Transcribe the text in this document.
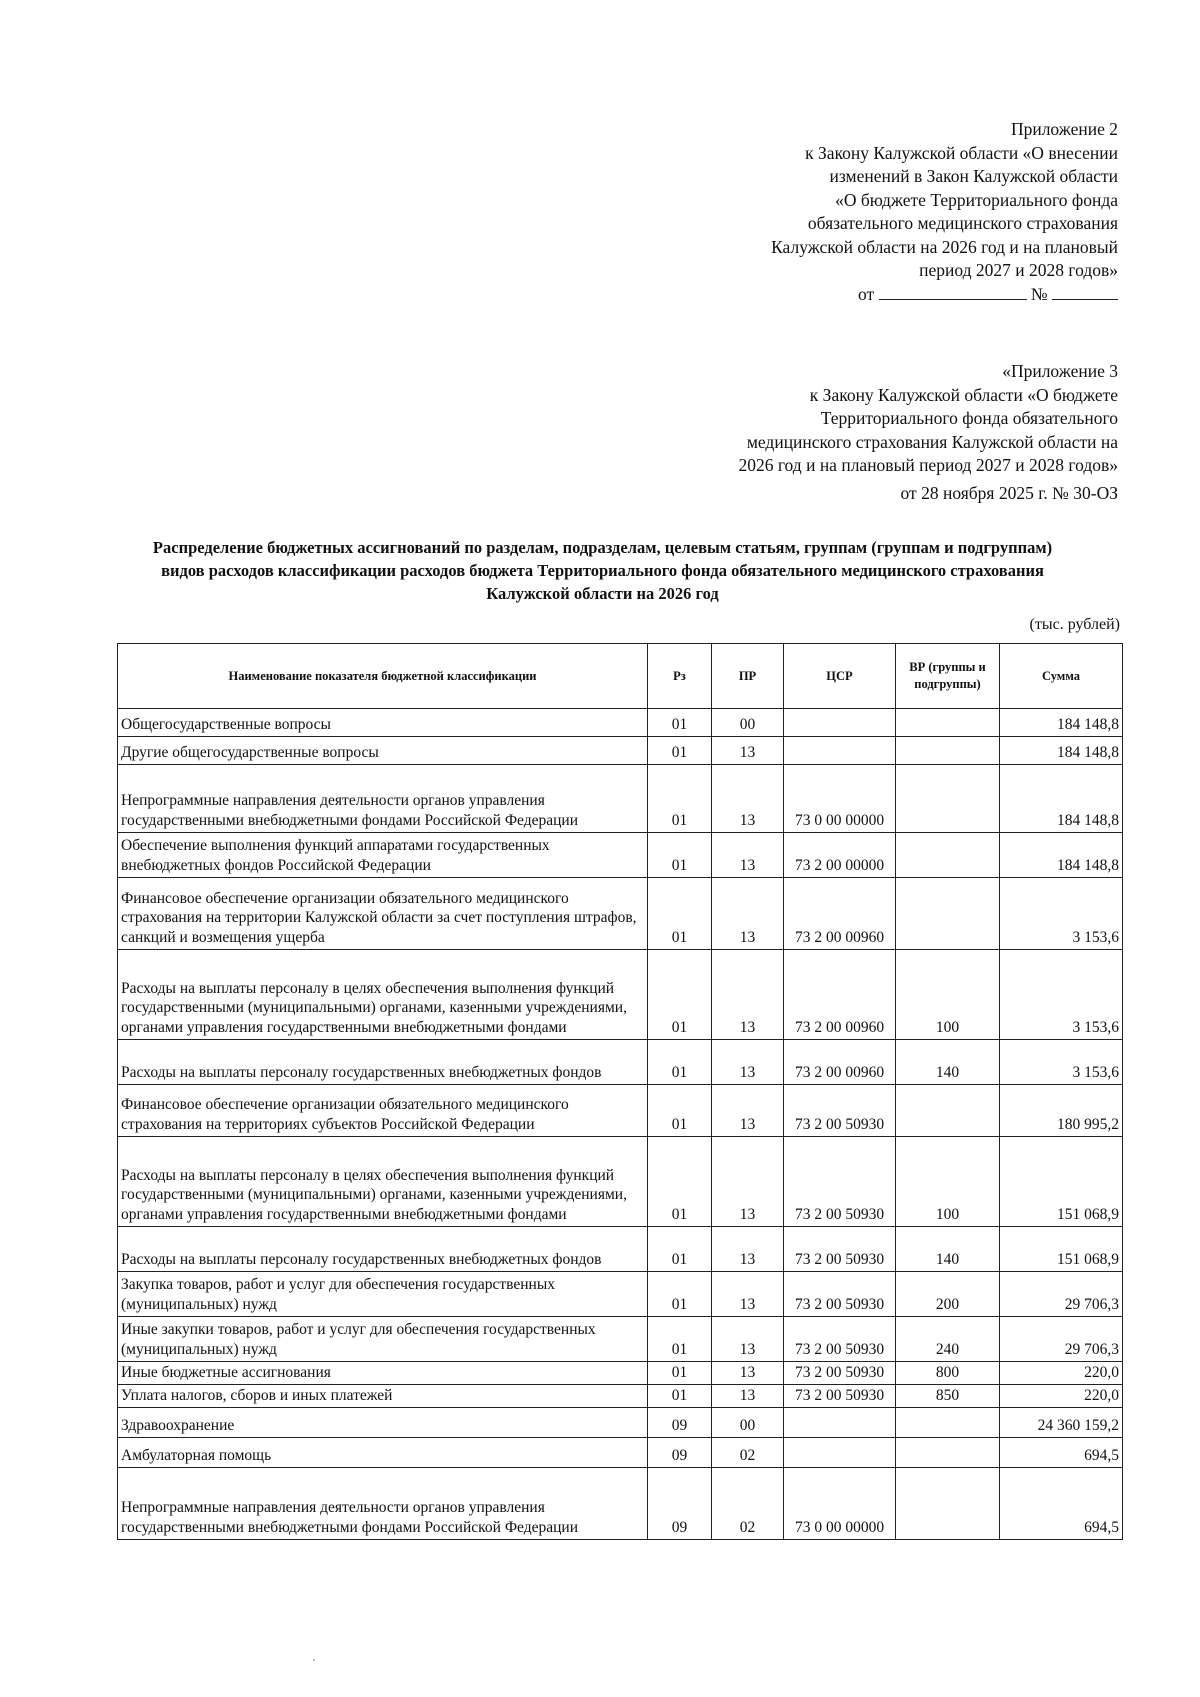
Приложение 2
к Закону Калужской области «О внесении
изменений в Закон Калужской области
«О бюджете Территориального фонда
обязательного медицинского страхования
Калужской области на 2026 год и на плановый
период 2027 и 2028 годов»
от	№
«Приложение 3
к Закону Калужской области «О бюджете
Территориального фонда обязательного
медицинского страхования Калужской области на
2026 год и на плановый период 2027 и 2028 годов»
от 28 ноября 2025 г. № 30-ОЗ
Распределение бюджетных ассигнований по разделам, подразделам, целевым статьям, группам (группам и подгруппам) видов расходов классификации расходов бюджета Территориального фонда обязательного медицинского страхования Калужской области на 2026 год
(тыс. рублей)
Наименование показателя бюджетной классификации	Рз	ПР	ЦСР	ВР (группы и подгруппы)	Сумма
Общегосударственные вопросы	01	00			184 148,8
Другие общегосударственные вопросы	01	13			184 148,8
Непрограммные направления деятельности органов управления государственными внебюджетными фондами Российской Федерации	01	13	73 0 00 00000		184 148,8
Обеспечение выполнения функций аппаратами государственных внебюджетных фондов Российской Федерации	01	13	73 2 00 00000		184 148,8
Финансовое обеспечение организации обязательного медицинского страхования на территории Калужской области за счет поступления штрафов, санкций и возмещения ущерба	01	13	73 2 00 00960		3 153,6
Расходы на выплаты персоналу в целях обеспечения выполнения функций государственными (муниципальными) органами, казенными учреждениями, органами управления государственными внебюджетными фондами	01	13	73 2 00 00960	100	3 153,6
Расходы на выплаты персоналу государственных внебюджетных фондов	01	13	73 2 00 00960	140	3 153,6
Финансовое обеспечение организации обязательного медицинского страхования на территориях субъектов Российской Федерации	01	13	73 2 00 50930		180 995,2
Расходы на выплаты персоналу в целях обеспечения выполнения функций государственными (муниципальными) органами, казенными учреждениями, органами управления государственными внебюджетными фондами	01	13	73 2 00 50930	100	151 068,9
Расходы на выплаты персоналу государственных внебюджетных фондов	01	13	73 2 00 50930	140	151 068,9
Закупка товаров, работ и услуг для обеспечения государственных (муниципальных) нужд	01	13	73 2 00 50930	200	29 706,3
Иные закупки товаров, работ и услуг для обеспечения государственных (муниципальных) нужд	01	13	73 2 00 50930	240	29 706,3
Иные бюджетные ассигнования	01	13	73 2 00 50930	800	220,0
Уплата налогов, сборов и иных платежей	01	13	73 2 00 50930	850	220,0
Здравоохранение	09	00			24 360 159,2
Амбулаторная помощь	09	02			694,5
Непрограммные направления деятельности органов управления государственными внебюджетными фондами Российской Федерации	09	02	73 0 00 00000		694,5
